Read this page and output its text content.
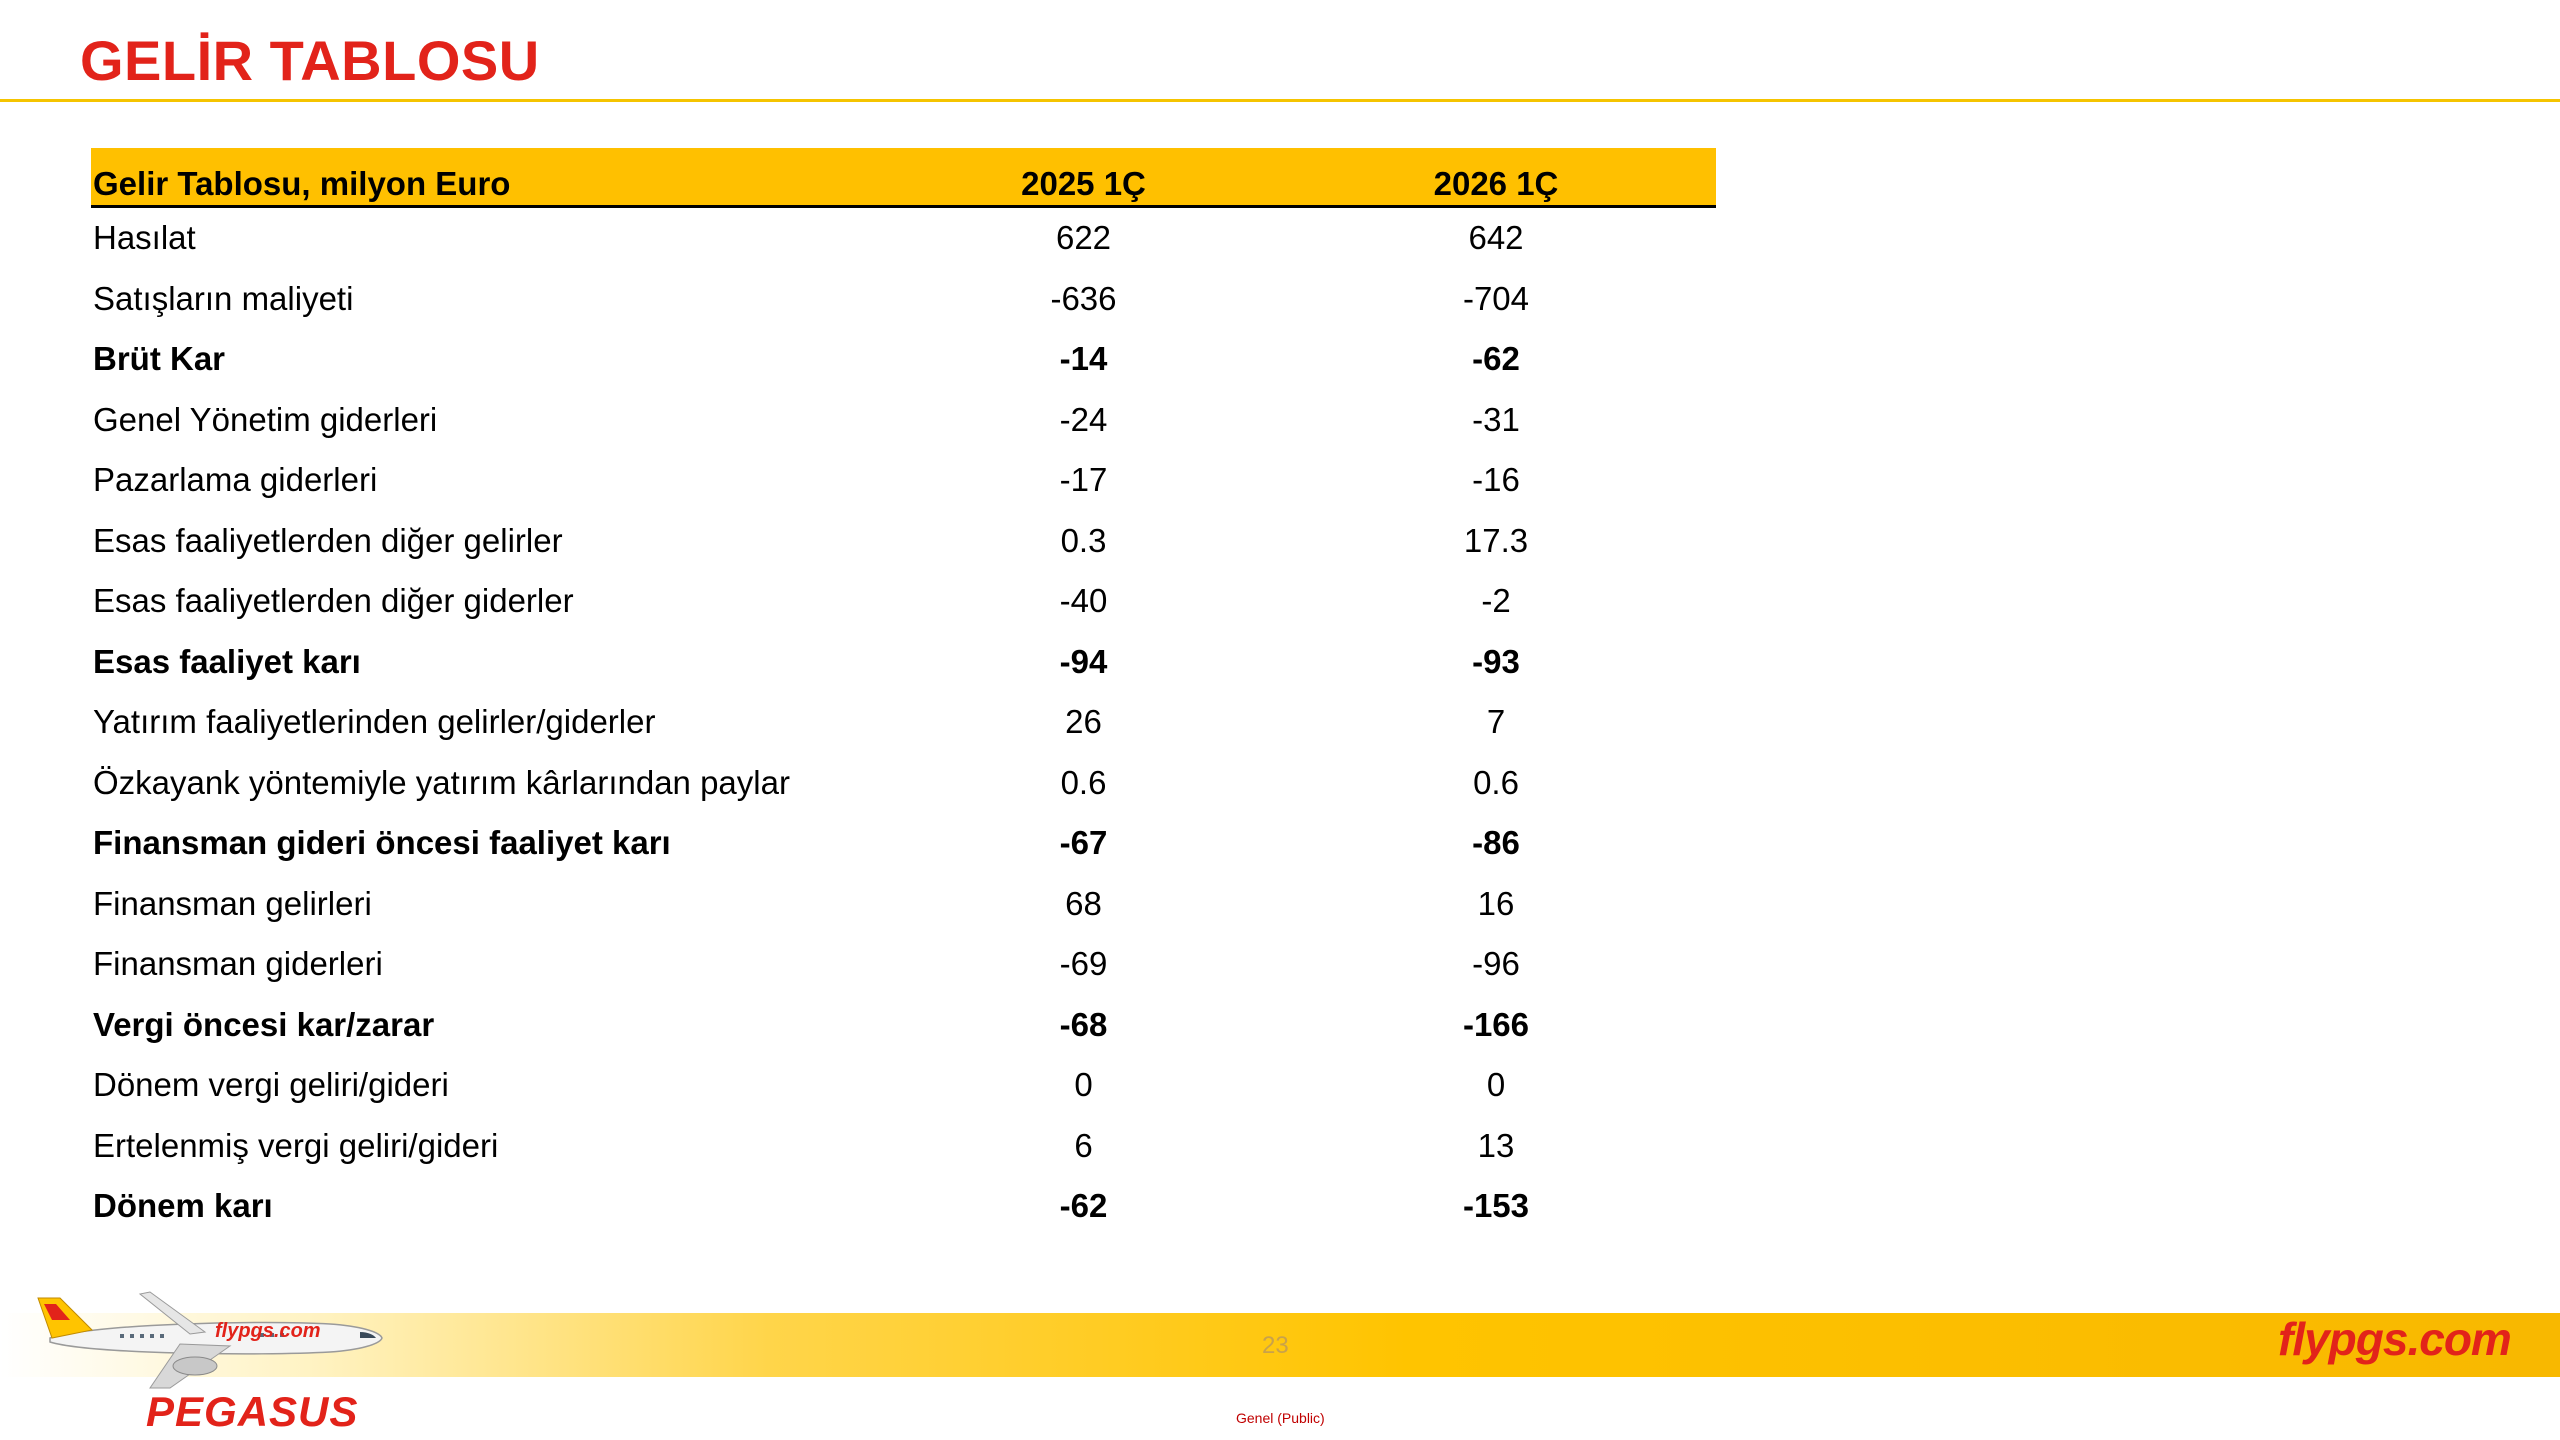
GELİR TABLOSU
Gelir Tablosu, milyon Euro	2025 1Ç	2026 1Ç
Hasılat	622	642
Satışların maliyeti	-636	-704
Brüt Kar	-14	-62
Genel Yönetim giderleri	-24	-31
Pazarlama giderleri	-17	-16
Esas faaliyetlerden diğer gelirler	0.3	17.3
Esas faaliyetlerden diğer giderler	-40	-2
Esas faaliyet karı	-94	-93
Yatırım faaliyetlerinden gelirler/giderler	26	7
Özkayank yöntemiyle yatırım kârlarından paylar	0.6	0.6
Finansman gideri öncesi faaliyet karı	-67	-86
Finansman gelirleri	68	16
Finansman giderleri	-69	-96
Vergi öncesi kar/zarar	-68	-166
Dönem vergi geliri/gideri	0	0
Ertelenmiş vergi geliri/gideri	6	13
Dönem karı	-62	-153
flypgs.com
PEGASUS
23	flypgs.com
Genel (Public)
